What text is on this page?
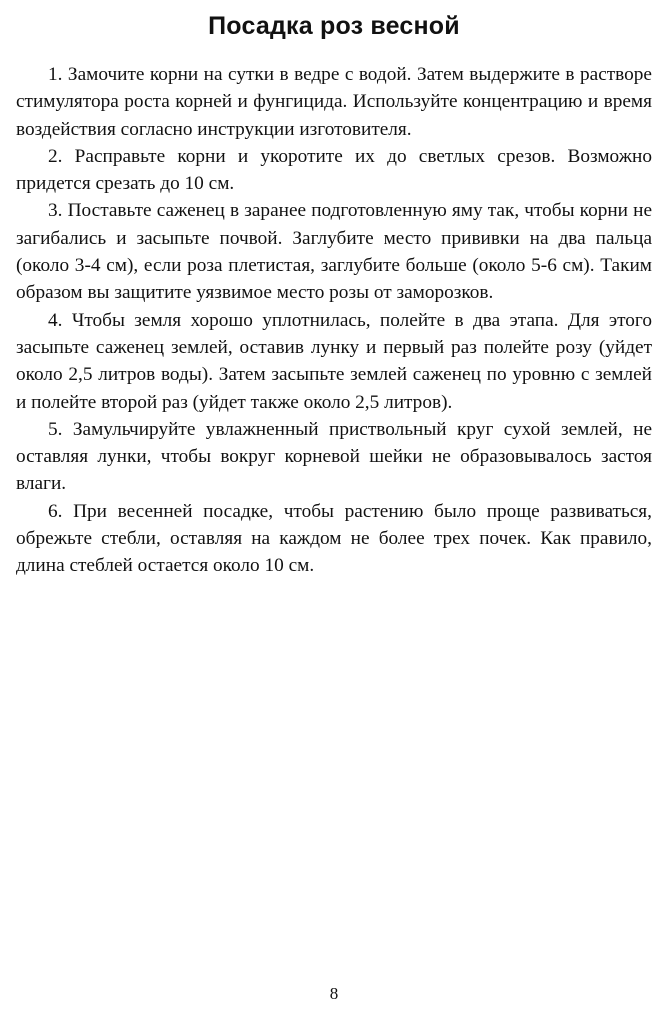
Посадка роз весной

1. Замочите корни на сутки в ведре с водой. Затем выдержите в растворе стимулятора роста корней и фунгицида. Используйте концентрацию и время воздействия согласно инструкции изготовителя.

2. Расправьте корни и укоротите их до светлых срезов. Возможно придется срезать до 10 см.

3. Поставьте саженец в заранее подготовленную яму так, чтобы корни не загибались и засыпьте почвой. Заглубите место прививки на два пальца (около 3-4 см), если роза плетистая, заглубите больше (около 5-6 см). Таким образом вы защитите уязвимое место розы от заморозков.

4. Чтобы земля хорошо уплотнилась, полейте в два этапа. Для этого засыпьте саженец землей, оставив лунку и первый раз полейте розу (уйдет около 2,5 литров воды). Затем засыпьте землей саженец по уровню с землей и полейте второй раз (уйдет также около 2,5 литров).

5. Замульчируйте увлажненный приствольный круг сухой землей, не оставляя лунки, чтобы вокруг корневой шейки не образовывалось застоя влаги.

6. При весенней посадке, чтобы растению было проще развиваться, обрежьте стебли, оставляя на каждом не более трех почек. Как правило, длина стеблей остается около 10 см.

8
